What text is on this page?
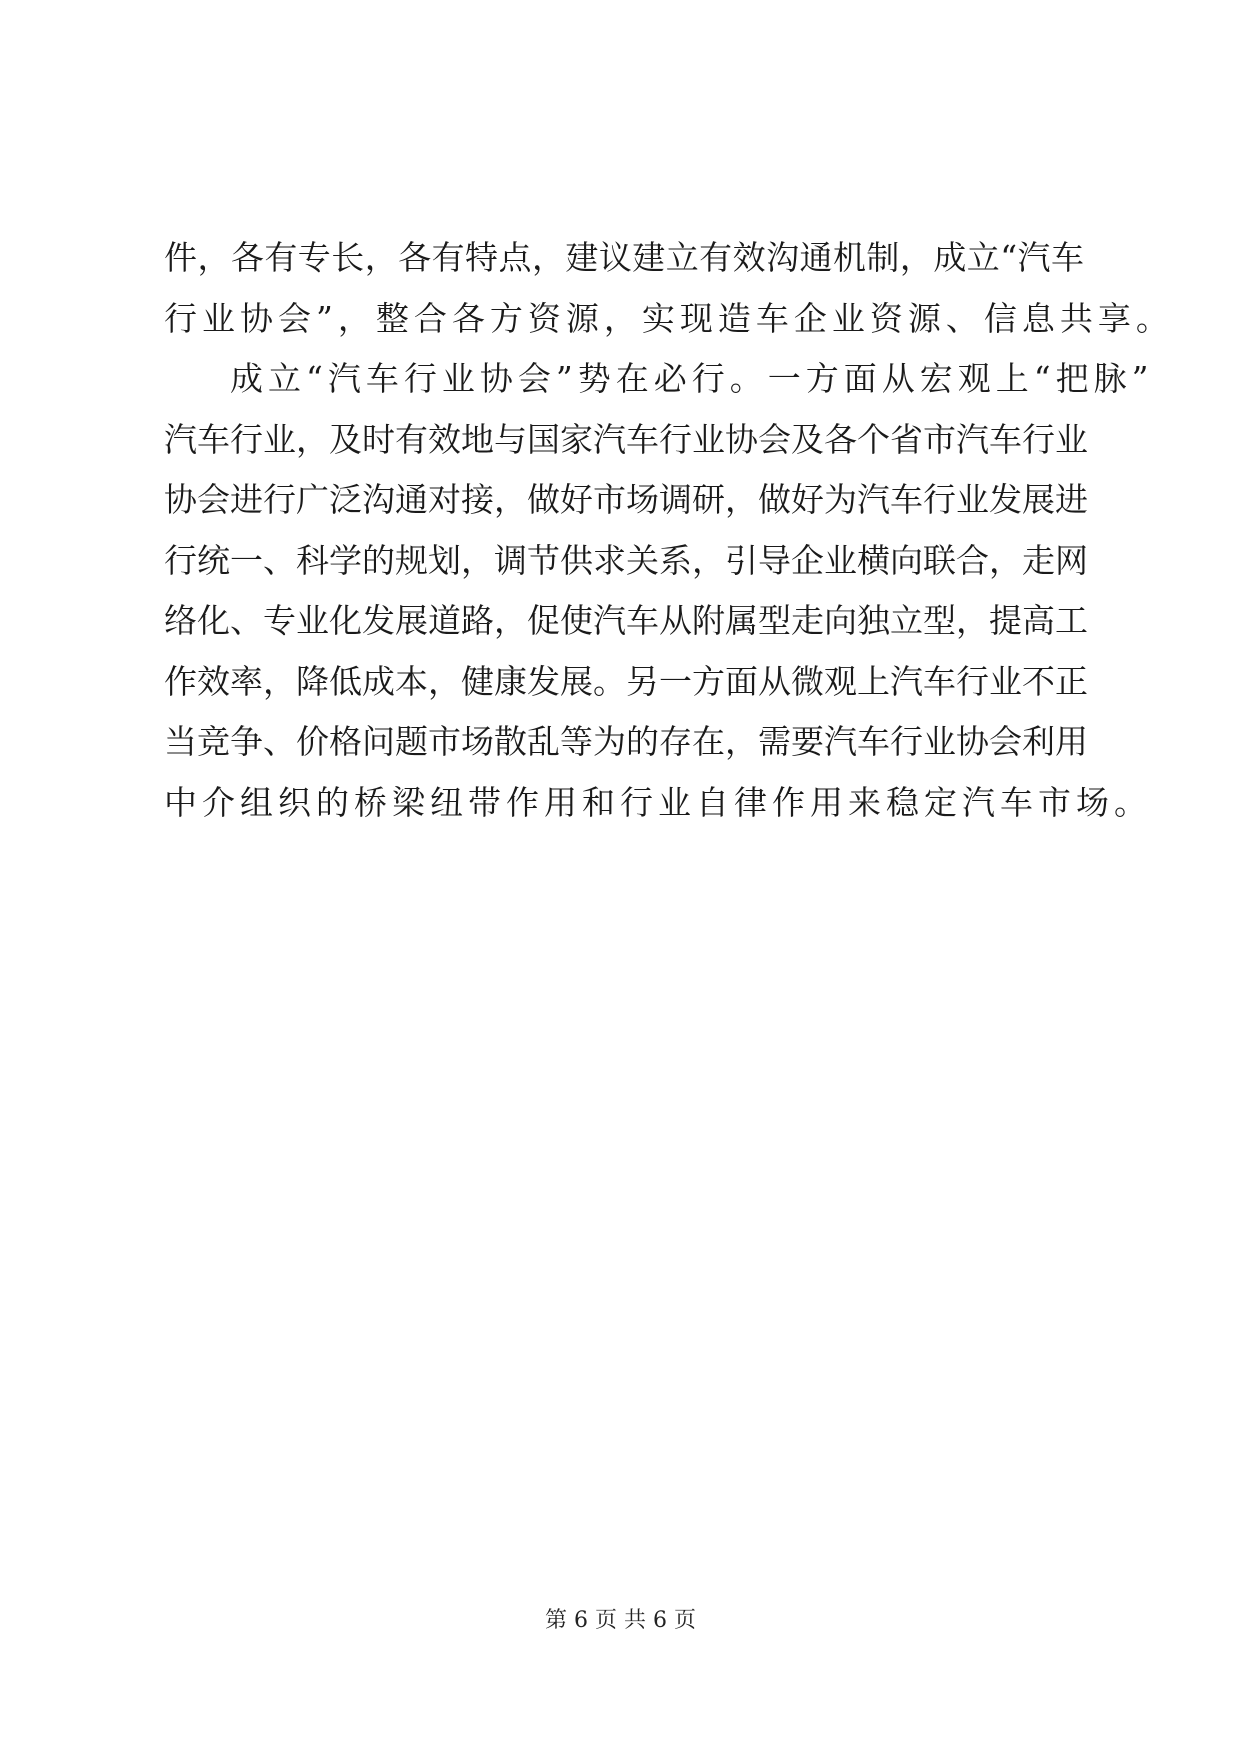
件，各有专长，各有特点，建议建立有效沟通机制，成立“汽车
行业协会”，整合各方资源，实现造车企业资源、信息共享。
成立“汽车行业协会”势在必行。一方面从宏观上“把脉”
汽车行业，及时有效地与国家汽车行业协会及各个省市汽车行业
协会进行广泛沟通对接，做好市场调研，做好为汽车行业发展进
行统一、科学的规划，调节供求关系，引导企业横向联合，走网
络化、专业化发展道路，促使汽车从附属型走向独立型，提高工
作效率，降低成本，健康发展。另一方面从微观上汽车行业不正
当竞争、价格问题市场散乱等为的存在，需要汽车行业协会利用
中介组织的桥梁纽带作用和行业自律作用来稳定汽车市场。
第 6 页 共 6 页
